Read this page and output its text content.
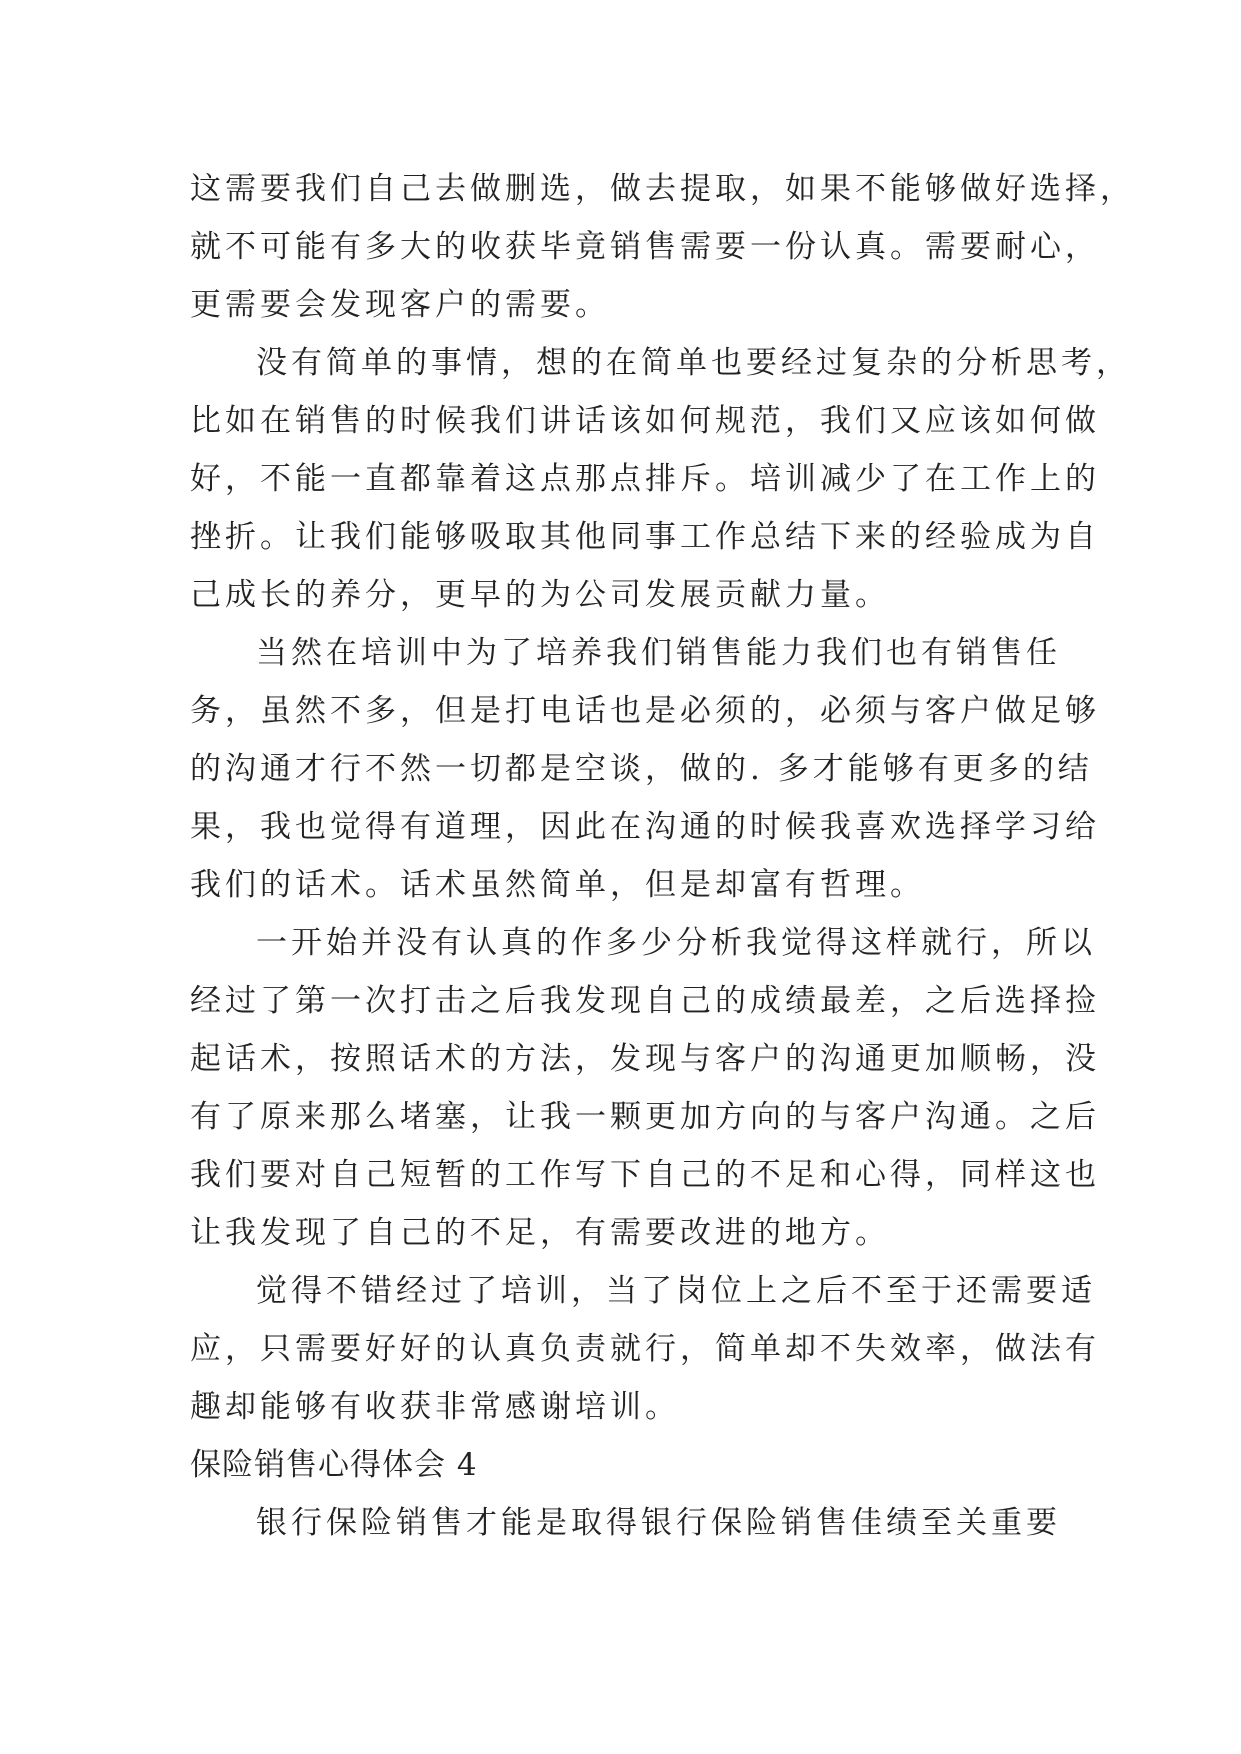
这需要我们自己去做删选，做去提取，如果不能够做好选择，
就不可能有多大的收获毕竟销售需要一份认真。需要耐心，
更需要会发现客户的需要。
没有简单的事情，想的在简单也要经过复杂的分析思考，
比如在销售的时候我们讲话该如何规范，我们又应该如何做
好，不能一直都靠着这点那点排斥。培训减少了在工作上的
挫折。让我们能够吸取其他同事工作总结下来的经验成为自
己成长的养分，更早的为公司发展贡献力量。
当然在培训中为了培养我们销售能力我们也有销售任
务，虽然不多，但是打电话也是必须的，必须与客户做足够
的沟通才行不然一切都是空谈，做的. 多才能够有更多的结
果，我也觉得有道理，因此在沟通的时候我喜欢选择学习给
我们的话术。话术虽然简单，但是却富有哲理。
一开始并没有认真的作多少分析我觉得这样就行，所以
经过了第一次打击之后我发现自己的成绩最差，之后选择捡
起话术，按照话术的方法，发现与客户的沟通更加顺畅，没
有了原来那么堵塞，让我一颗更加方向的与客户沟通。之后
我们要对自己短暂的工作写下自己的不足和心得，同样这也
让我发现了自己的不足，有需要改进的地方。
觉得不错经过了培训，当了岗位上之后不至于还需要适
应，只需要好好的认真负责就行，简单却不失效率，做法有
趣却能够有收获非常感谢培训。
保险销售心得体会 4
银行保险销售才能是取得银行保险销售佳绩至关重要
